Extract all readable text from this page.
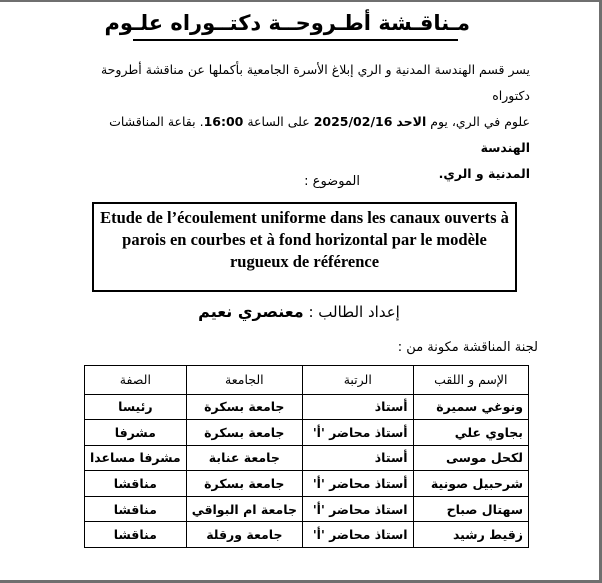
مـناقـشة أطـروحــة دكتــوراه علـوم
يسر قسم الهندسة المدنية و الري إبلاغ الأسرة الجامعية بأكملها عن مناقشة أطروحة دكتوراه
علوم في الري، يوم الاحد 2025/02/16 على الساعة 16:00. بقاعة المناقشات الهندسة
المدنية و الري.
الموضوع :
Etude de l’écoulement uniforme dans les canaux ouverts à parois en courbes et à fond horizontal par le modèle rugueux de référence
إعداد الطالب : معنصري نعيم
لجنة المناقشة مكونة من :
الإسم و اللقب	الرتبة	الجامعة	الصفة
ونوغي سميرة	أستاذ	جامعة بسكرة	رئيسا
بجاوي علي	أستاذ محاضر 'أ'	جامعة بسكرة	مشرفا
لكحل موسى	أستاذ	جامعة عنابة	مشرفا مساعدا
شرحبيل صونية	أستاذ محاضر 'أ'	جامعة بسكرة	مناقشا
سهتال صباح	استاذ محاضر 'أ'	جامعة ام البواقي	مناقشا
زقيط رشيد	استاذ محاضر 'أ'	جامعة ورقلة	مناقشا
